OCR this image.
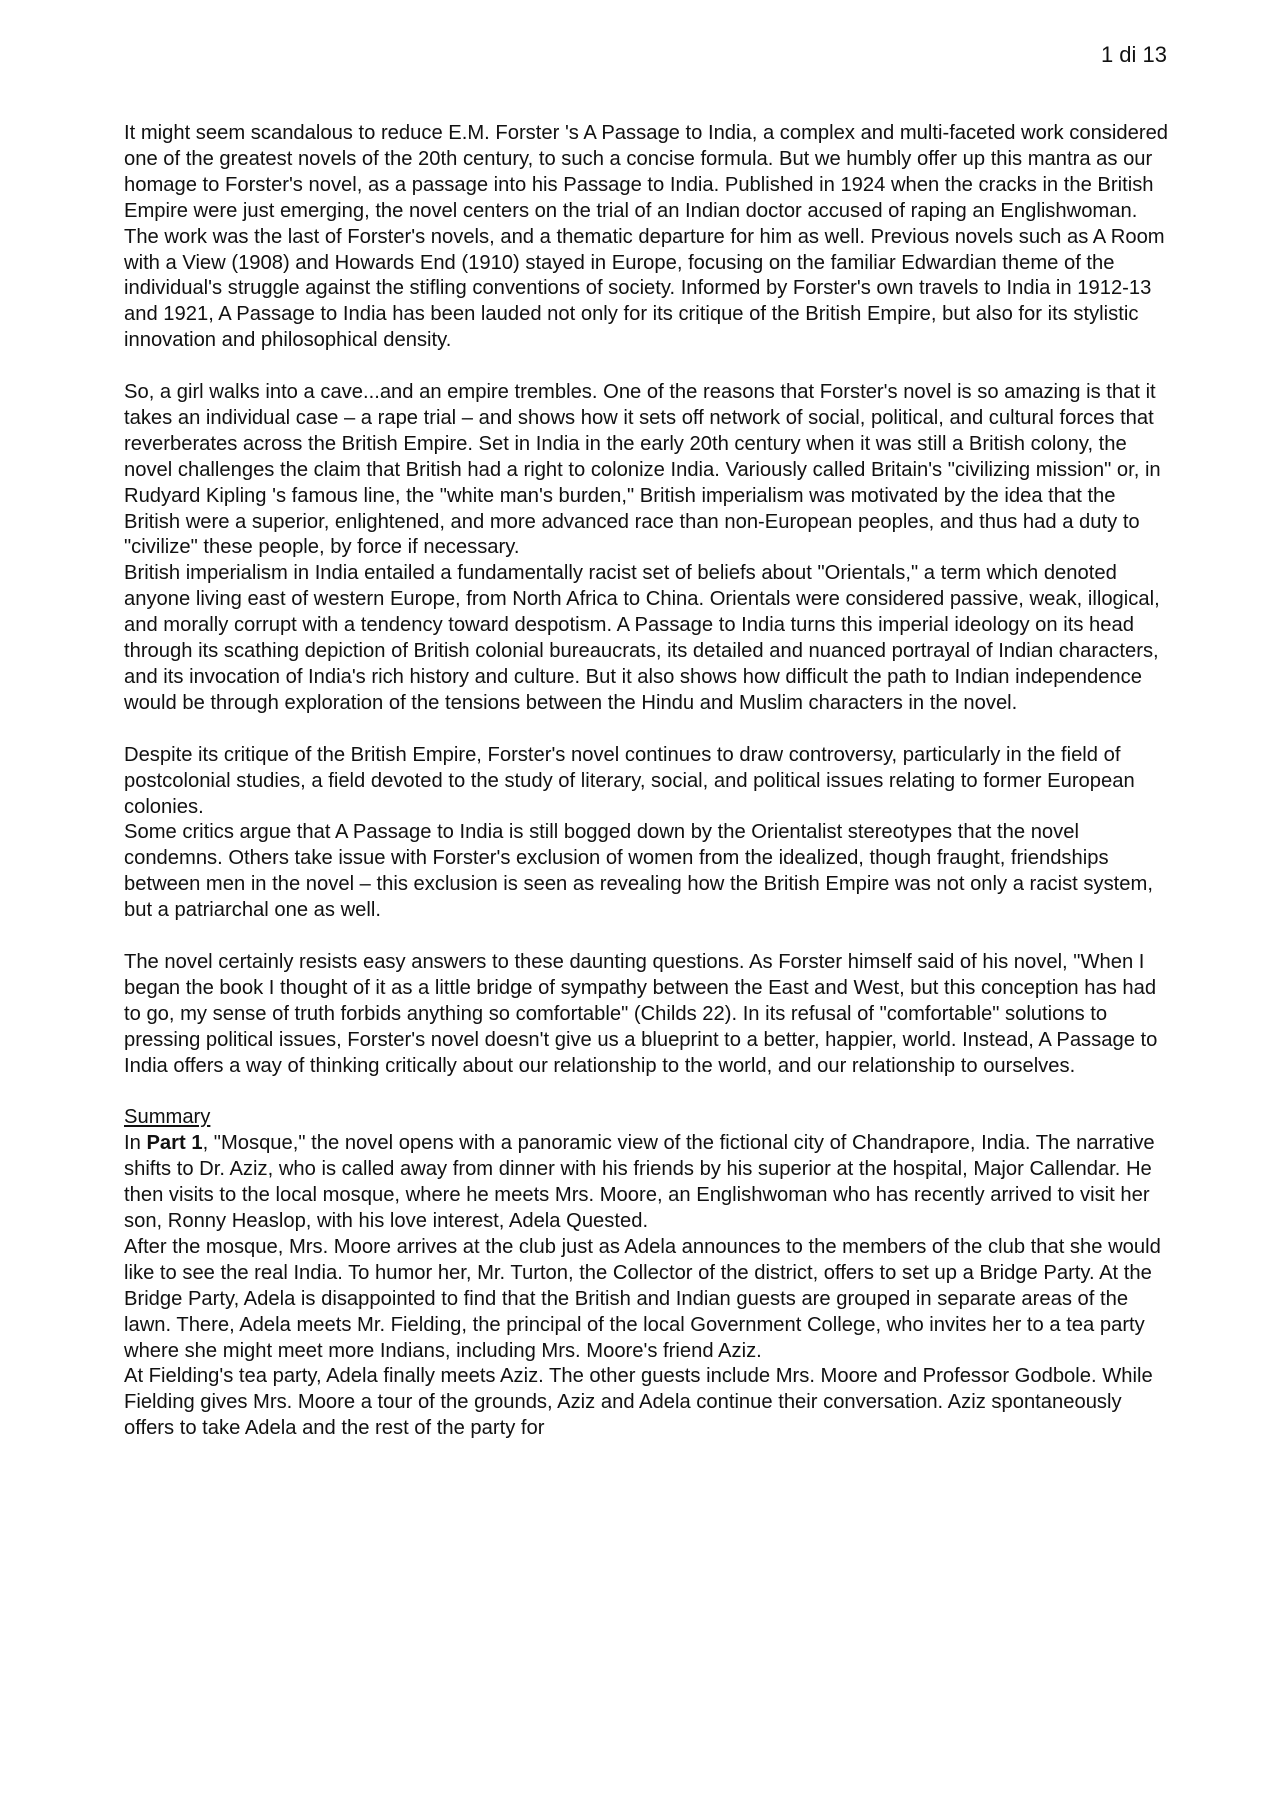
1 di 13

It might seem scandalous to reduce E.M. Forster 's A Passage to India, a complex and multi-faceted work considered one of the greatest novels of the 20th century, to such a concise formula. But we humbly offer up this mantra as our homage to Forster's novel, as a passage into his Passage to India. Published in 1924 when the cracks in the British Empire were just emerging, the novel centers on the trial of an Indian doctor accused of raping an Englishwoman. The work was the last of Forster's novels, and a thematic departure for him as well. Previous novels such as A Room with a View (1908) and Howards End (1910) stayed in Europe, focusing on the familiar Edwardian theme of the individual's struggle against the stifling conventions of society. Informed by Forster's own travels to India in 1912-13 and 1921, A Passage to India has been lauded not only for its critique of the British Empire, but also for its stylistic innovation and philosophical density.

So, a girl walks into a cave...and an empire trembles. One of the reasons that Forster's novel is so amazing is that it takes an individual case – a rape trial – and shows how it sets off network of social, political, and cultural forces that reverberates across the British Empire. Set in India in the early 20th century when it was still a British colony, the novel challenges the claim that British had a right to colonize India. Variously called Britain's "civilizing mission" or, in Rudyard Kipling 's famous line, the "white man's burden," British imperialism was motivated by the idea that the British were a superior, enlightened, and more advanced race than non-European peoples, and thus had a duty to "civilize" these people, by force if necessary.

British imperialism in India entailed a fundamentally racist set of beliefs about "Orientals," a term which denoted anyone living east of western Europe, from North Africa to China. Orientals were considered passive, weak, illogical, and morally corrupt with a tendency toward despotism. A Passage to India turns this imperial ideology on its head through its scathing depiction of British colonial bureaucrats, its detailed and nuanced portrayal of Indian characters, and its invocation of India's rich history and culture. But it also shows how difficult the path to Indian independence would be through exploration of the tensions between the Hindu and Muslim characters in the novel.

Despite its critique of the British Empire, Forster's novel continues to draw controversy, particularly in the field of postcolonial studies, a field devoted to the study of literary, social, and political issues relating to former European colonies.

Some critics argue that A Passage to India is still bogged down by the Orientalist stereotypes that the novel condemns. Others take issue with Forster's exclusion of women from the idealized, though fraught, friendships between men in the novel – this exclusion is seen as revealing how the British Empire was not only a racist system, but a patriarchal one as well.

The novel certainly resists easy answers to these daunting questions. As Forster himself said of his novel, "When I began the book I thought of it as a little bridge of sympathy between the East and West, but this conception has had to go, my sense of truth forbids anything so comfortable" (Childs 22). In its refusal of "comfortable" solutions to pressing political issues, Forster's novel doesn't give us a blueprint to a better, happier, world. Instead, A Passage to India offers a way of thinking critically about our relationship to the world, and our relationship to ourselves.

Summary

In Part 1, "Mosque," the novel opens with a panoramic view of the fictional city of Chandrapore, India. The narrative shifts to Dr. Aziz, who is called away from dinner with his friends by his superior at the hospital, Major Callendar. He then visits to the local mosque, where he meets Mrs. Moore, an Englishwoman who has recently arrived to visit her son, Ronny Heaslop, with his love interest, Adela Quested.

After the mosque, Mrs. Moore arrives at the club just as Adela announces to the members of the club that she would like to see the real India. To humor her, Mr. Turton, the Collector of the district, offers to set up a Bridge Party. At the Bridge Party, Adela is disappointed to find that the British and Indian guests are grouped in separate areas of the lawn. There, Adela meets Mr. Fielding, the principal of the local Government College, who invites her to a tea party where she might meet more Indians, including Mrs. Moore's friend Aziz.

At Fielding's tea party, Adela finally meets Aziz. The other guests include Mrs. Moore and Professor Godbole. While Fielding gives Mrs. Moore a tour of the grounds, Aziz and Adela continue their conversation. Aziz spontaneously offers to take Adela and the rest of the party for
